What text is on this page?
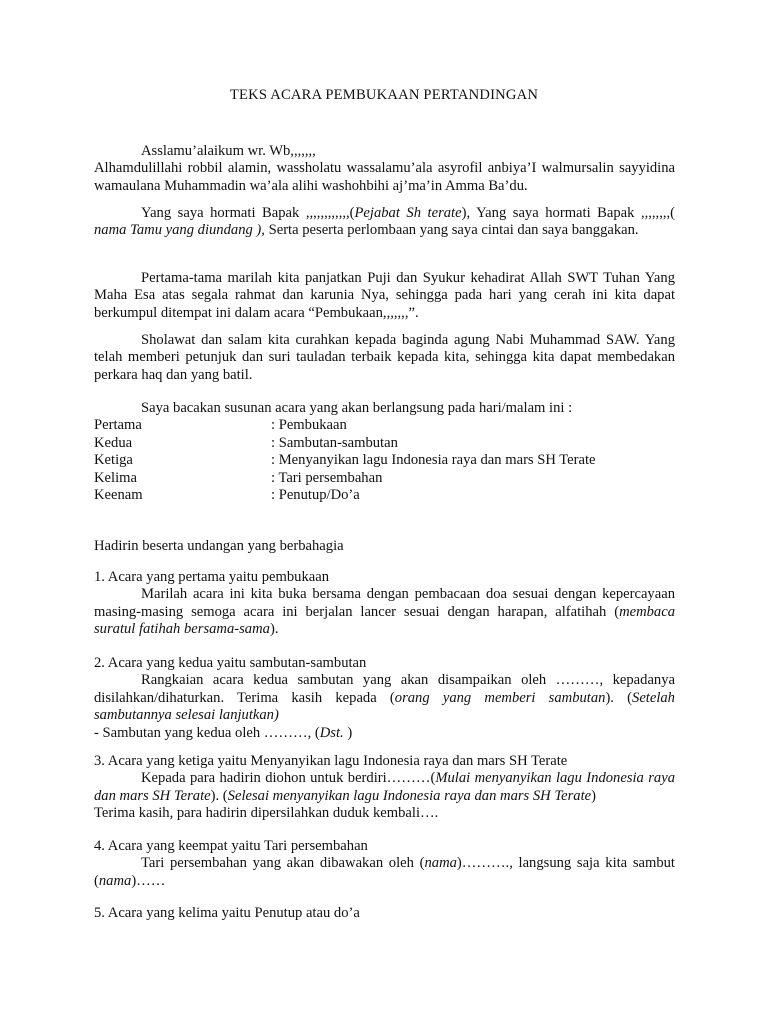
TEKS ACARA PEMBUKAAN PERTANDINGAN
Asslamu’alaikum wr. Wb,,,,,,,
Alhamdulillahi robbil alamin, wassholatu wassalamu’ala asyrofil anbiya’I walmursalin sayyidina wamaulana Muhammadin wa’ala alihi washohbihi aj’ma’in Amma Ba’du.
Yang saya hormati Bapak ,,,,,,,,,,,,(Pejabat Sh terate), Yang saya hormati Bapak ,,,,,,,,( nama Tamu yang diundang ), Serta peserta perlombaan yang saya cintai dan saya banggakan.
Pertama-tama marilah kita panjatkan Puji dan Syukur kehadirat Allah SWT Tuhan Yang Maha Esa atas segala rahmat dan karunia Nya, sehingga pada hari yang cerah ini kita dapat berkumpul ditempat ini dalam acara “Pembukaan,,,,,,,”.
Sholawat dan salam kita curahkan kepada baginda agung Nabi Muhammad SAW. Yang telah memberi petunjuk dan suri tauladan terbaik kepada kita, sehingga kita dapat membedakan perkara haq dan yang batil.
Saya bacakan susunan acara yang akan berlangsung pada hari/malam ini :
Pertama	: Pembukaan
Kedua	: Sambutan-sambutan
Ketiga	: Menyanyikan lagu Indonesia raya dan mars SH Terate
Kelima	: Tari persembahan
Keenam	: Penutup/Do’a
Hadirin beserta undangan yang berbahagia
1. Acara yang pertama yaitu pembukaan
Marilah acara ini kita buka bersama dengan pembacaan doa sesuai dengan kepercayaan masing-masing semoga acara ini berjalan lancer sesuai dengan harapan, alfatihah (membaca suratul fatihah bersama-sama).
2. Acara yang kedua yaitu sambutan-sambutan
Rangkaian acara kedua sambutan yang akan disampaikan oleh ………, kepadanya disilahkan/dihaturkan. Terima kasih kepada (orang yang memberi sambutan). (Setelah sambutannya selesai lanjutkan)
- Sambutan yang kedua oleh ………, (Dst. )
3. Acara yang ketiga yaitu Menyanyikan lagu Indonesia raya dan mars SH Terate
Kepada para hadirin diohon untuk berdiri………(Mulai menyanyikan lagu Indonesia raya dan mars SH Terate). (Selesai menyanyikan lagu Indonesia raya dan mars SH Terate)
Terima kasih, para hadirin dipersilahkan duduk kembali….
4. Acara yang keempat yaitu Tari persembahan
Tari persembahan yang akan dibawakan oleh (nama)………., langsung saja kita sambut (nama)……
5. Acara yang kelima yaitu Penutup atau do’a
